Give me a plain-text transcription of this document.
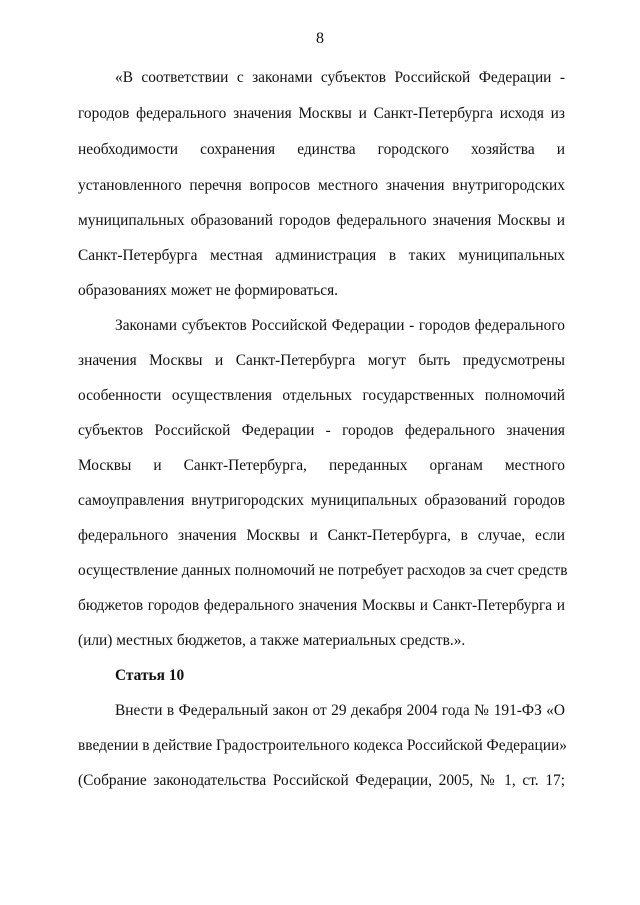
8
«В соответствии с законами субъектов Российской Федерации -
городов федерального значения Москвы и Санкт-Петербурга исходя из
необходимости сохранения единства городского хозяйства и
установленного перечня вопросов местного значения внутригородских
муниципальных образований городов федерального значения Москвы и
Санкт-Петербурга местная администрация в таких муниципальных
образованиях может не формироваться.
Законами субъектов Российской Федерации - городов федерального
значения Москвы и Санкт-Петербурга могут быть предусмотрены
особенности осуществления отдельных государственных полномочий
субъектов Российской Федерации - городов федерального значения
Москвы и Санкт-Петербурга, переданных органам местного
самоуправления внутригородских муниципальных образований городов
федерального значения Москвы и Санкт-Петербурга, в случае, если
осуществление данных полномочий не потребует расходов за счет средств
бюджетов городов федерального значения Москвы и Санкт-Петербурга и
(или) местных бюджетов, а также материальных средств.».
Статья 10
Внести в Федеральный закон от 29 декабря 2004 года № 191-ФЗ «О
введении в действие Градостроительного кодекса Российской Федерации»
(Собрание законодательства Российской Федерации, 2005, № 1, ст. 17;
